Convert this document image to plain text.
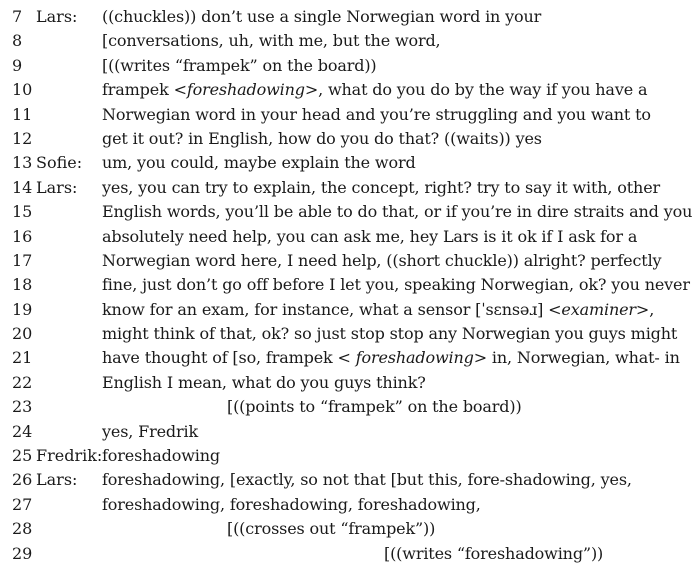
7 Lars: ((chuckles)) don’t use a single Norwegian word in your
8	[conversations, uh, with me, but the word,
9	[((writes “frampek” on the board))
10	frampek <foreshadowing>, what do you do by the way if you have a
11	Norwegian word in your head and you’re struggling and you want to
12	get it out? in English, how do you do that? ((waits)) yes
13 Sofie: um, you could, maybe explain the word
14 Lars: yes, you can try to explain, the concept, right? try to say it with, other
15	English words, you’ll be able to do that, or if you’re in dire straits and you
16	absolutely need help, you can ask me, hey Lars is it ok if I ask for a
17	Norwegian word here, I need help, ((short chuckle)) alright? perfectly
18	fine, just don’t go off before I let you, speaking Norwegian, ok? you never
19	know for an exam, for instance, what a sensor [ˈsɛnsəɹ] <examiner>,
20	might think of that, ok? so just stop stop any Norwegian you guys might
21	have thought of [so, frampek < foreshadowing> in, Norwegian, what- in
22	English I mean, what do you guys think?
23	[((points to “frampek” on the board))
24	yes, Fredrik
25 Fredrik: foreshadowing
26 Lars: foreshadowing, [exactly, so not that [but this, fore-shadowing, yes,
27	foreshadowing, foreshadowing, foreshadowing,
28	[((crosses out “frampek”))
29	[((writes “foreshadowing”))
